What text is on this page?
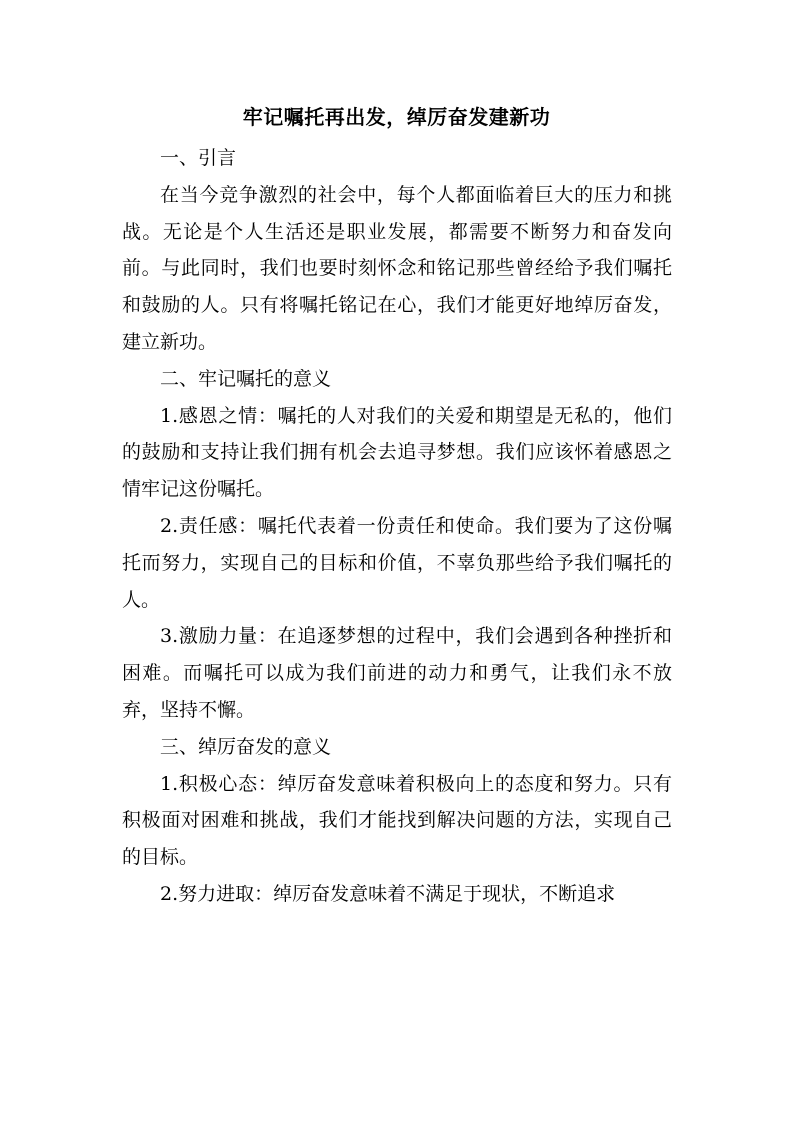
牢记嘱托再出发，绰厉奋发建新功

一、引言

在当今竞争激烈的社会中，每个人都面临着巨大的压力和挑战。无论是个人生活还是职业发展，都需要不断努力和奋发向前。与此同时，我们也要时刻怀念和铭记那些曾经给予我们嘱托和鼓励的人。只有将嘱托铭记在心，我们才能更好地绰厉奋发，建立新功。

二、牢记嘱托的意义

1.感恩之情：嘱托的人对我们的关爱和期望是无私的，他们的鼓励和支持让我们拥有机会去追寻梦想。我们应该怀着感恩之情牢记这份嘱托。

2.责任感：嘱托代表着一份责任和使命。我们要为了这份嘱托而努力，实现自己的目标和价值，不辜负那些给予我们嘱托的人。

3.激励力量：在追逐梦想的过程中，我们会遇到各种挫折和困难。而嘱托可以成为我们前进的动力和勇气，让我们永不放弃，坚持不懈。

三、绰厉奋发的意义

1.积极心态：绰厉奋发意味着积极向上的态度和努力。只有积极面对困难和挑战，我们才能找到解决问题的方法，实现自己的目标。

2.努力进取：绰厉奋发意味着不满足于现状，不断追求
